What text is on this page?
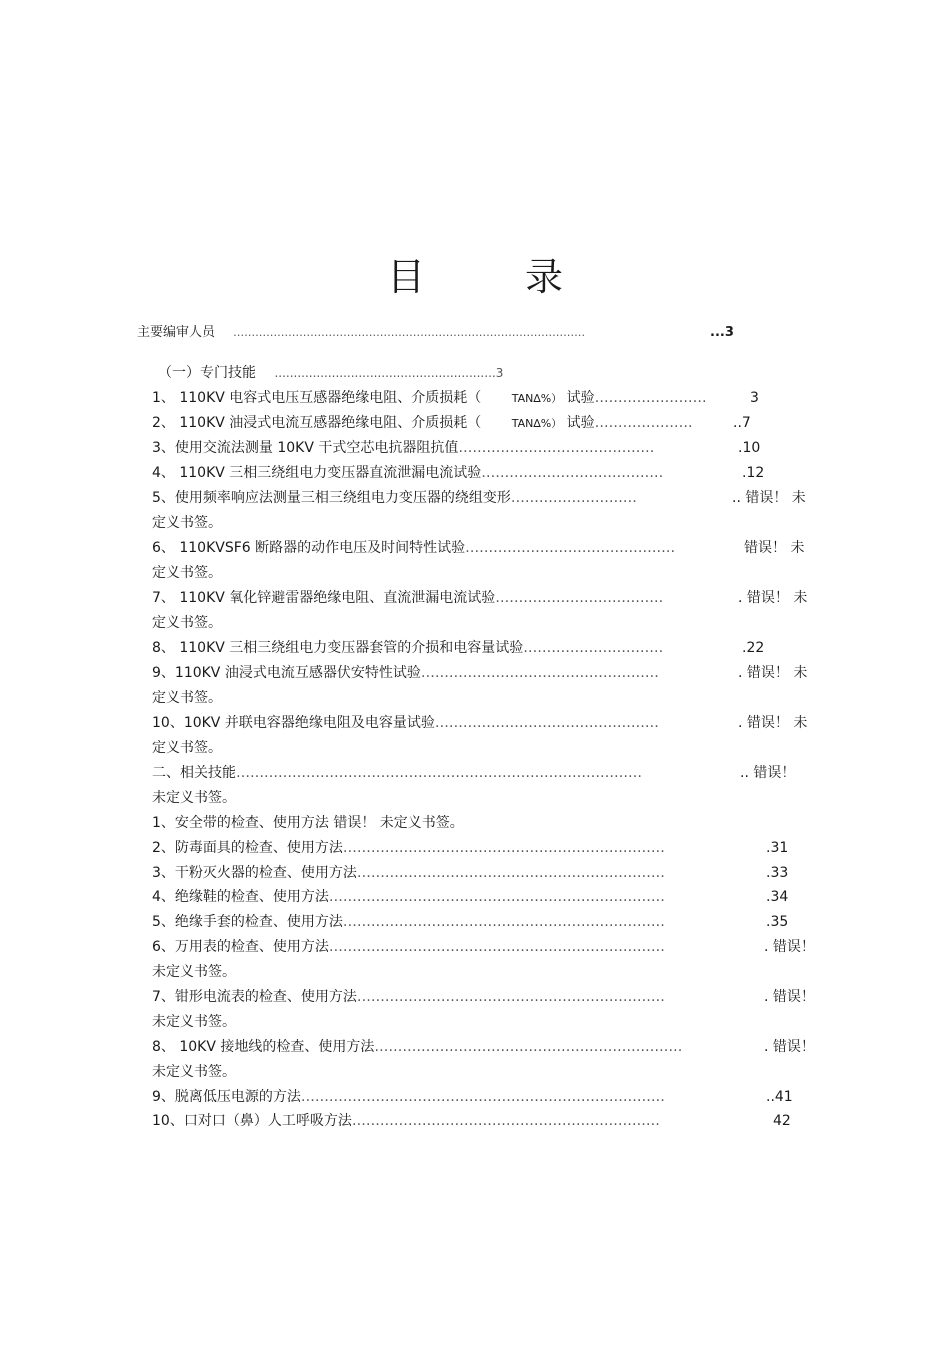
目 录
主要编审人员 ……………………………………………………………………………………	...3
（一）专门技能 ..........................................................3
1、 110KV 电容式电压互感器绝缘电阻、介质损耗（	TAN∆%） 试验……………………	3
2、 110KV 油浸式电流互感器绝缘电阻、介质损耗（	TAN∆%） 试验…………………	..7
3、使用交流法测量 10KV 干式空芯电抗器阻抗值……………………………………	.10
4、 110KV 三相三绕组电力变压器直流泄漏电流试验…………………………………	.12
5、使用频率响应法测量三相三绕组电力变压器的绕组变形………………………	.. 错误！ 未
定义书签。
6、 110KVSF6 断路器的动作电压及时间特性试验………………………………………	错误！ 未
定义书签。
7、 110KV 氧化锌避雷器绝缘电阻、直流泄漏电流试验………………………………	. 错误！ 未
定义书签。
8、 110KV 三相三绕组电力变压器套管的介损和电容量试验…………………………	.22
9、110KV 油浸式电流互感器伏安特性试验……………………………………………	. 错误！ 未
定义书签。
10、10KV 并联电容器绝缘电阻及电容量试验…………………………………………	. 错误！ 未
定义书签。
二、相关技能……………………………………………………………………………	.. 错误！
未定义书签。
1、安全带的检查、使用方法 错误！ 未定义书签。
2、防毒面具的检查、使用方法……………………………………………………………	.31
3、干粉灭火器的检查、使用方法…………………………………………………………	.33
4、绝缘鞋的检查、使用方法………………………………………………………………	.34
5、绝缘手套的检查、使用方法……………………………………………………………	.35
6、万用表的检查、使用方法………………………………………………………………	. 错误！
未定义书签。
7、钳形电流表的检查、使用方法…………………………………………………………	. 错误！
未定义书签。
8、 10KV 接地线的检查、使用方法…………………………………………………………	. 错误！
未定义书签。
9、脱离低压电源的方法……………………………………………………………………	..41
10、口对口（鼻）人工呼吸方法…………………………………………………………	42
